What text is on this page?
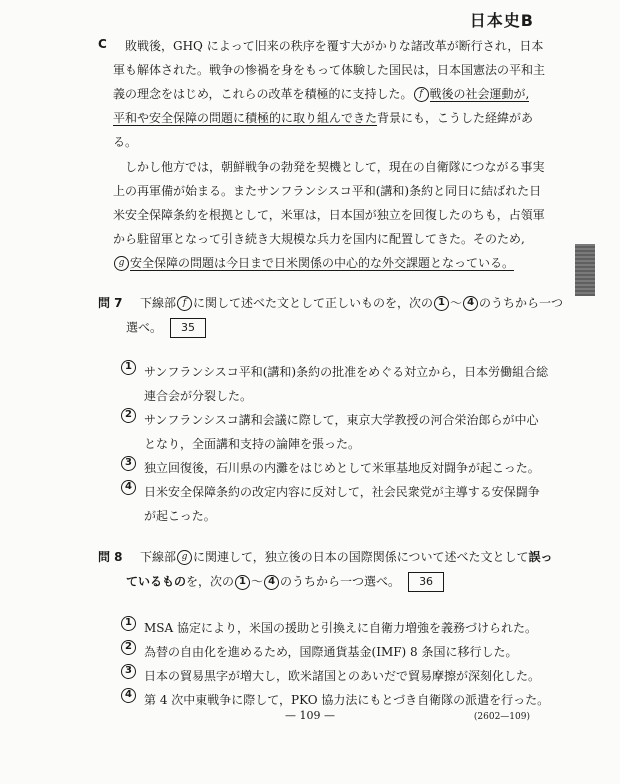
日本史B
C 敗戦後，GHQ によって旧来の秩序を覆す大がかりな諸改革が断行され，日本
軍も解体された。戦争の惨禍を身をもって体験した国民は，日本国憲法の平和主
義の理念をはじめ，これらの改革を積極的に支持した。 f 戦後の社会運動が,
平和や安全保障の問題に積極的に取り組んできた背景にも，こうした経緯があ
る。
しかし他方では，朝鮮戦争の勃発を契機として，現在の自衛隊につながる事実
上の再軍備が始まる。またサンフランシスコ平和(講和)条約と同日に結ばれた日
米安全保障条約を根拠として，米軍は，日本国が独立を回復したのちも，占領軍
から駐留軍となって引き続き大規模な兵力を国内に配置してきた。そのため,
g 安全保障の問題は今日まで日米関係の中心的な外交課題となっている。
問 7 下線部 f に関して述べた文として正しいものを，次の 1 ～ 4 のうちから一つ
選べ。 35
1	サンフランシスコ平和(講和)条約の批准をめぐる対立から，日本労働組合総連合会が分裂した。
2	サンフランシスコ講和会議に際して，東京大学教授の河合栄治郎らが中心となり，全面講和支持の論陣を張った。
3	独立回復後，石川県の内灘をはじめとして米軍基地反対闘争が起こった。
4	日米安全保障条約の改定内容に反対して，社会民衆党が主導する安保闘争が起こった。
問 8 下線部 g に関連して，独立後の日本の国際関係について述べた文として誤っ
ているものを，次の 1 ～ 4 のうちから一つ選べ。 36
1	MSA 協定により，米国の援助と引換えに自衛力増強を義務づけられた。
2	為替の自由化を進めるため，国際通貨基金(IMF) 8 条国に移行した。
3	日本の貿易黒字が増大し，欧米諸国とのあいだで貿易摩擦が深刻化した。
4	第 4 次中東戦争に際して，PKO 協力法にもとづき自衛隊の派遣を行った。
— 109 —	(2602—109)
